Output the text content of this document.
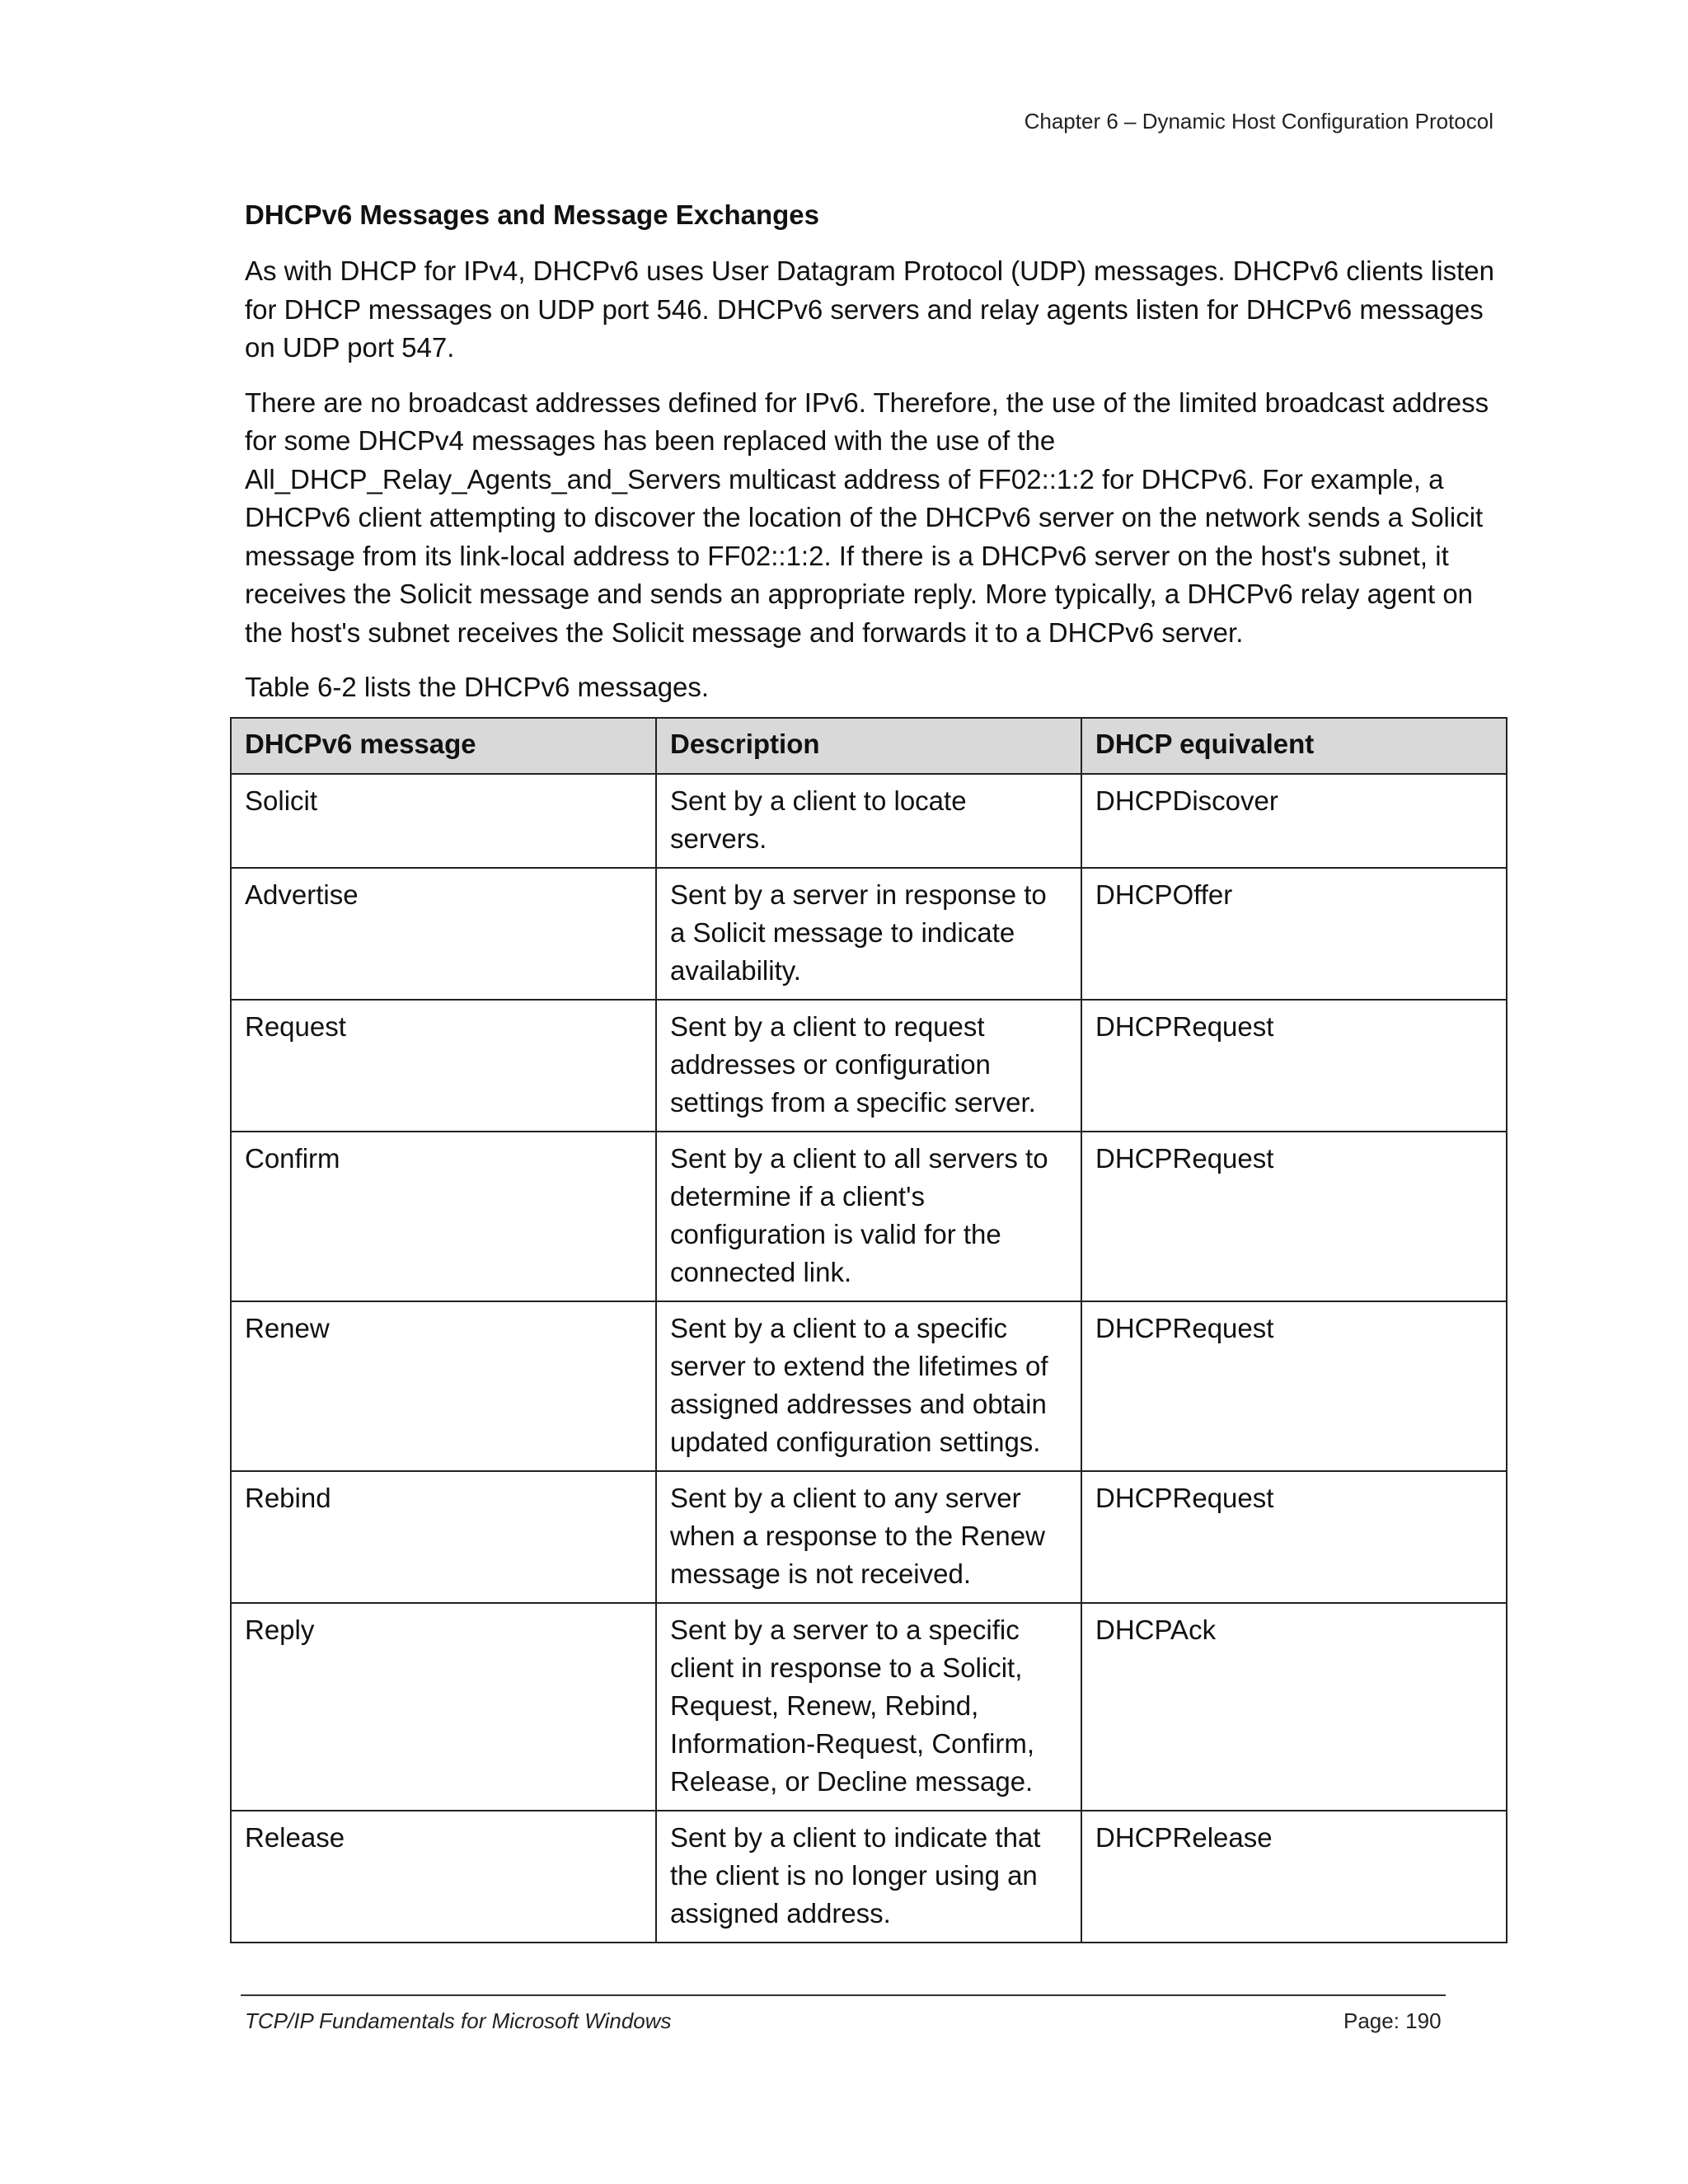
Chapter 6 – Dynamic Host Configuration Protocol
DHCPv6 Messages and Message Exchanges

As with DHCP for IPv4, DHCPv6 uses User Datagram Protocol (UDP) messages. DHCPv6 clients listen for DHCP messages on UDP port 546. DHCPv6 servers and relay agents listen for DHCPv6 messages on UDP port 547.

There are no broadcast addresses defined for IPv6. Therefore, the use of the limited broadcast address for some DHCPv4 messages has been replaced with the use of the All_DHCP_Relay_Agents_and_Servers multicast address of FF02::1:2 for DHCPv6. For example, a DHCPv6 client attempting to discover the location of the DHCPv6 server on the network sends a Solicit message from its link-local address to FF02::1:2. If there is a DHCPv6 server on the host's subnet, it receives the Solicit message and sends an appropriate reply. More typically, a DHCPv6 relay agent on the host's subnet receives the Solicit message and forwards it to a DHCPv6 server.

Table 6-2 lists the DHCPv6 messages.

DHCPv6 message	Description	DHCP equivalent
Solicit	Sent by a client to locate servers.	DHCPDiscover
Advertise	Sent by a server in response to a Solicit message to indicate availability.	DHCPOffer
Request	Sent by a client to request addresses or configuration settings from a specific server.	DHCPRequest
Confirm	Sent by a client to all servers to determine if a client's configuration is valid for the connected link.	DHCPRequest
Renew	Sent by a client to a specific server to extend the lifetimes of assigned addresses and obtain updated configuration settings.	DHCPRequest
Rebind	Sent by a client to any server when a response to the Renew message is not received.	DHCPRequest
Reply	Sent by a server to a specific client in response to a Solicit, Request, Renew, Rebind, Information-Request, Confirm, Release, or Decline message.	DHCPAck
Release	Sent by a client to indicate that the client is no longer using an assigned address.	DHCPRelease
TCP/IP Fundamentals for Microsoft Windows	Page: 190
